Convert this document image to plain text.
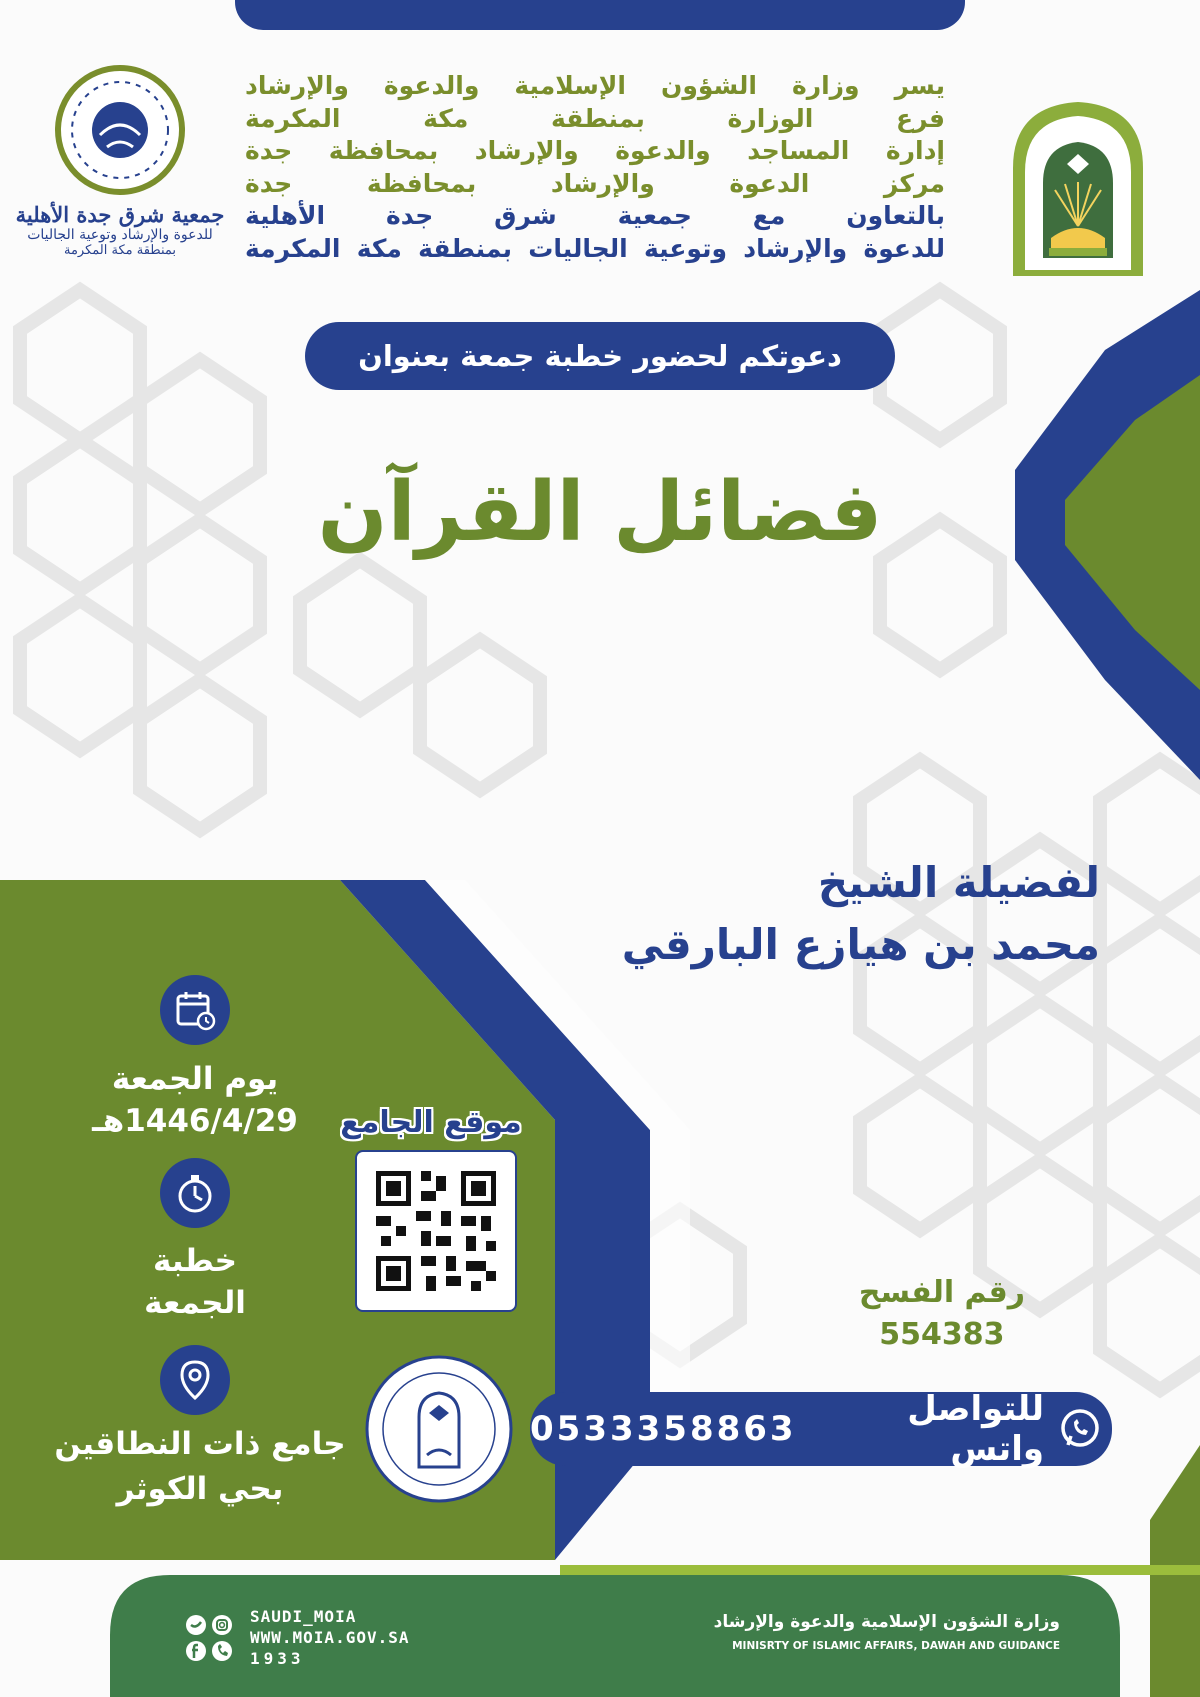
جمعية شرق جدة الأهلية
للدعوة والإرشاد وتوعية الجاليات
بمنطقة مكة المكرمة
يسر وزارة الشؤون الإسلامية والدعوة والإرشاد
فرع الوزارة بمنطقة مكة المكرمة
إدارة المساجد والدعوة والإرشاد بمحافظة جدة
مركز الدعوة والإرشاد بمحافظة جدة
بالتعاون مع جمعية شرق جدة الأهلية
للدعوة والإرشاد وتوعية الجاليات بمنطقة مكة المكرمة
دعوتكم لحضور خطبة جمعة بعنوان
فضائل القرآن
لفضيلة الشيخ
محمد بن هيازع البارقي
يوم الجمعة
1446/4/29هـ
خطبة
الجمعة
جامع ذات النطاقين
بحي الكوثر
موقع الجامع
رقم الفسح
554383
للتواصل واتس
0533358863
وزارة الشؤون الإسلامية والدعوة والإرشاد
MINISRTY OF ISLAMIC AFFAIRS, DAWAH AND GUIDANCE
SAUDI_MOIA
WWW.MOIA.GOV.SA
1933
